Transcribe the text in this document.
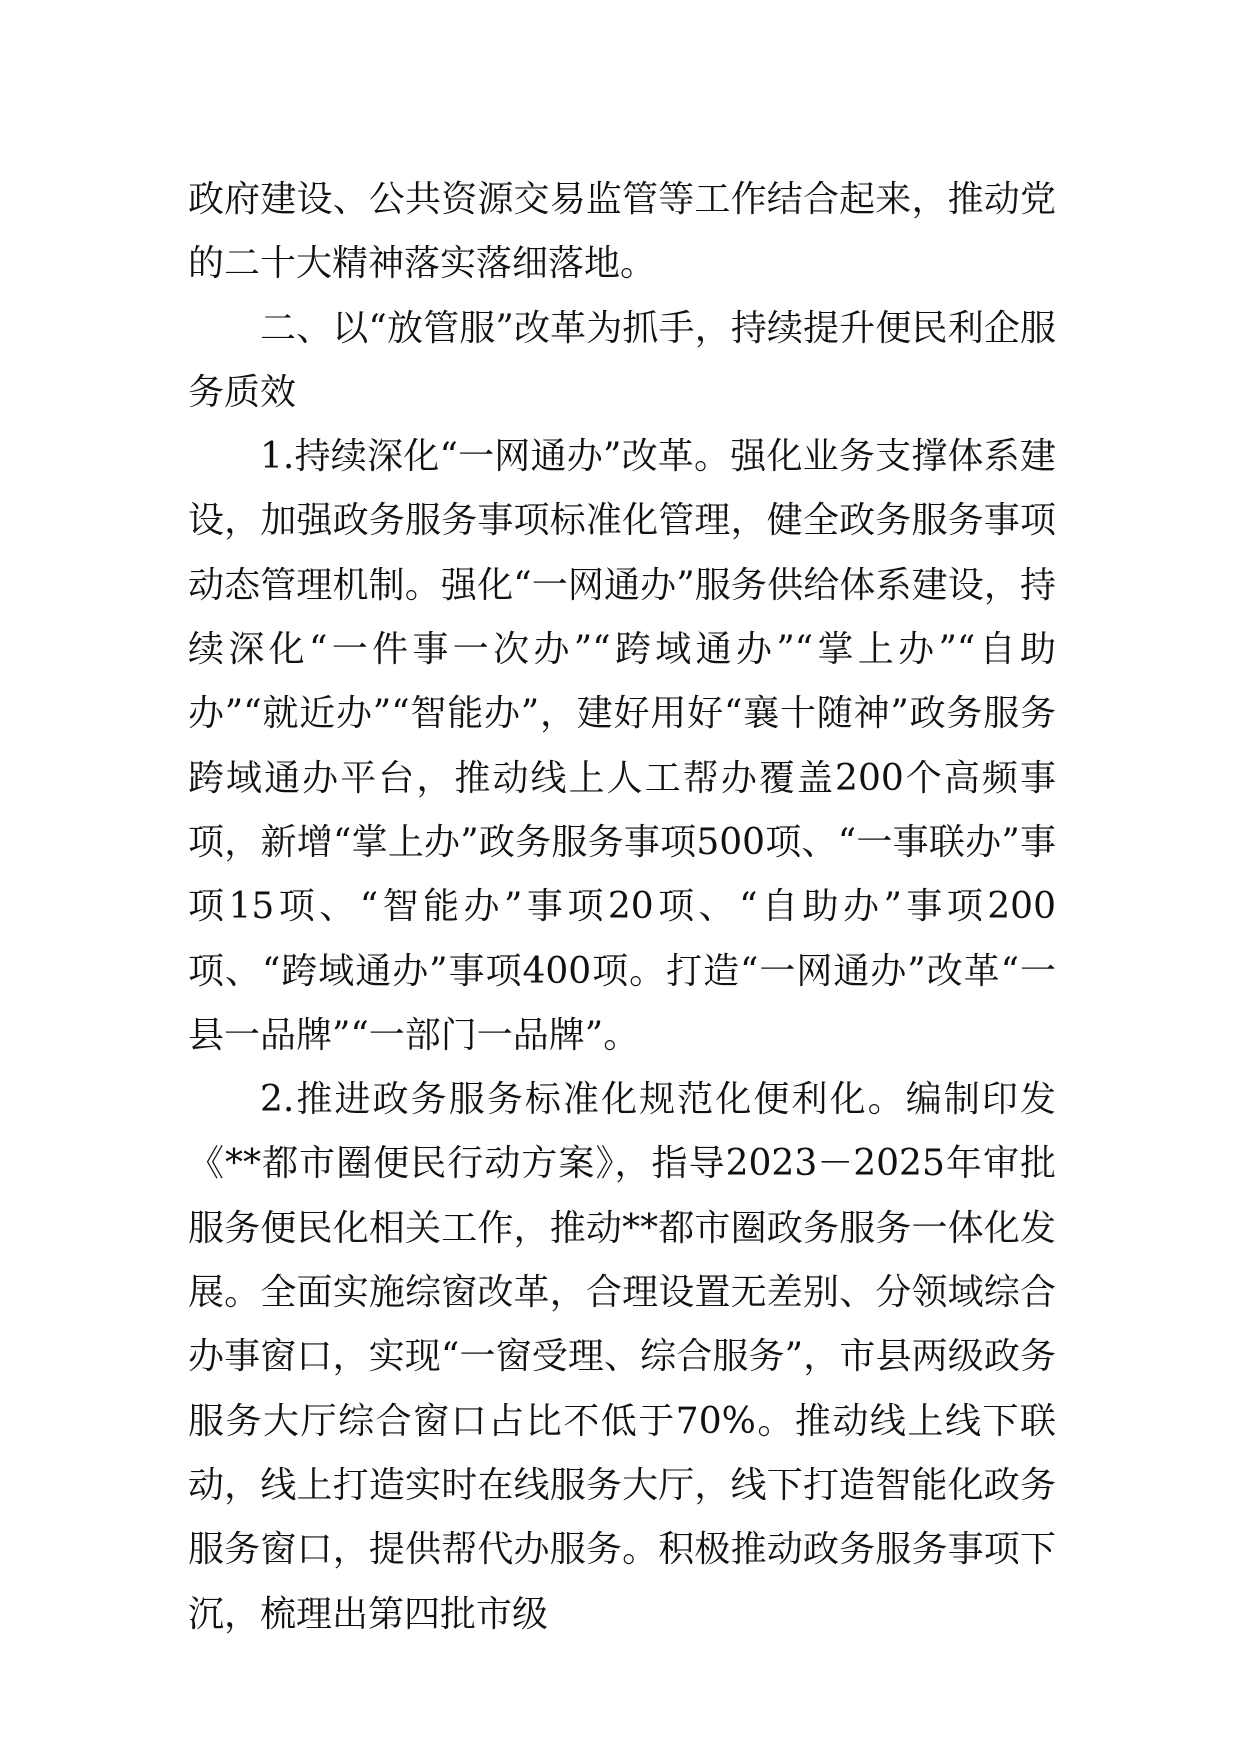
政府建设、公共资源交易监管等工作结合起来，推动党的二十大精神落实落细落地。

二、以“放管服”改革为抓手，持续提升便民利企服务质效

1.持续深化“一网通办”改革。强化业务支撑体系建设，加强政务服务事项标准化管理，健全政务服务事项动态管理机制。强化“一网通办”服务供给体系建设，持续深化“一件事一次办”“跨域通办”“掌上办”“自助办”“就近办”“智能办”，建好用好“襄十随神”政务服务跨域通办平台，推动线上人工帮办覆盖200个高频事项，新增“掌上办”政务服务事项500项、“一事联办”事项15项、“智能办”事项20项、“自助办”事项200项、“跨域通办”事项400项。打造“一网通办”改革“一县一品牌”“一部门一品牌”。

2.推进政务服务标准化规范化便利化。编制印发《**都市圈便民行动方案》，指导2023－2025年审批服务便民化相关工作，推动**都市圈政务服务一体化发展。全面实施综窗改革，合理设置无差别、分领域综合办事窗口，实现“一窗受理、综合服务”，市县两级政务服务大厅综合窗口占比不低于70%。推动线上线下联动，线上打造实时在线服务大厅，线下打造智能化政务服务窗口，提供帮代办服务。积极推动政务服务事项下沉，梳理出第四批市级
